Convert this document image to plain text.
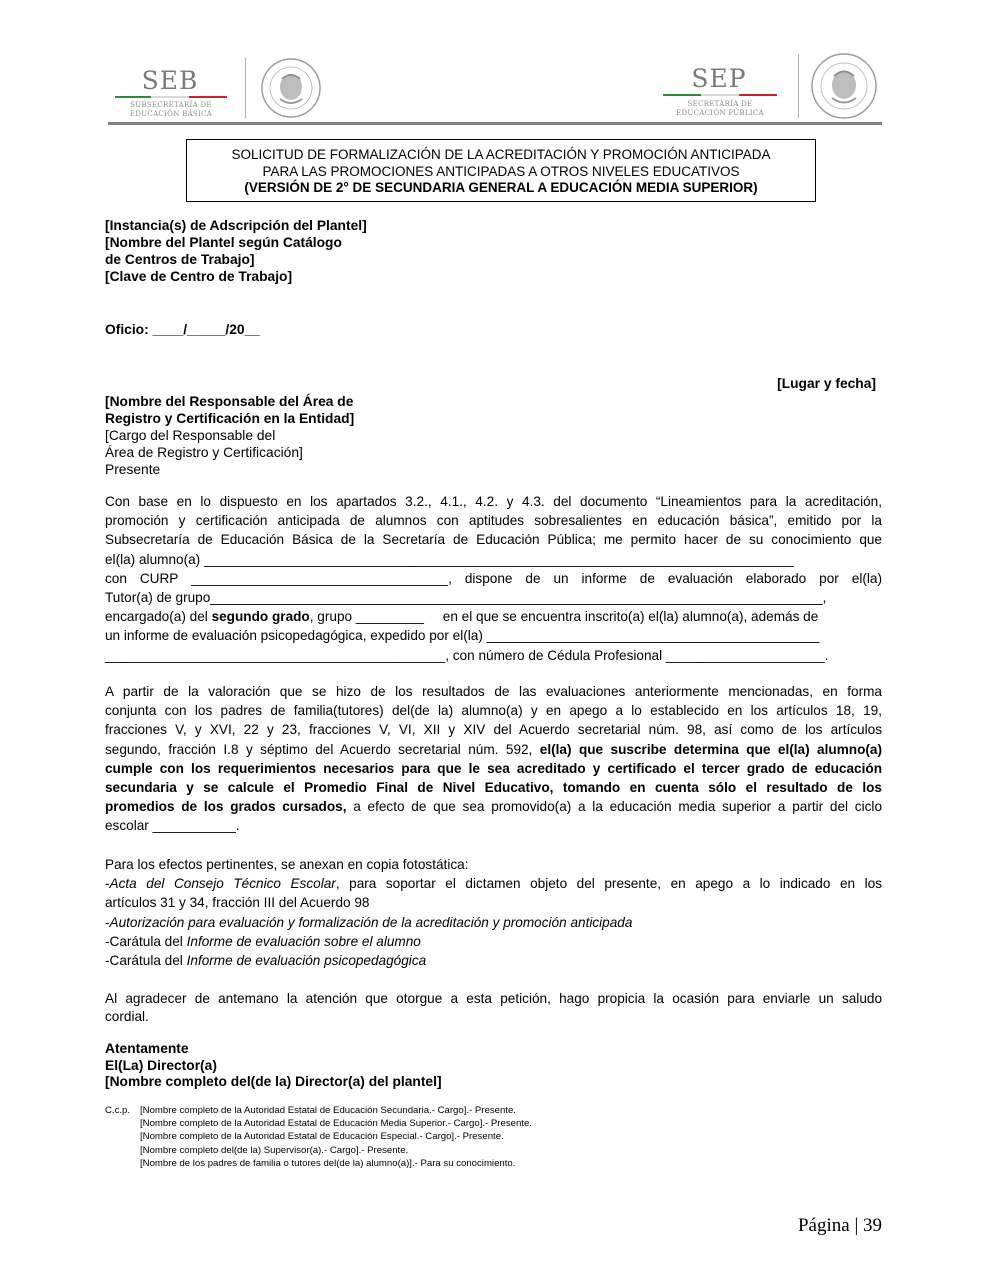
SEB
SUBSECRETARÍA DE
EDUCACIÓN BÁSICA
SEP
SECRETARÍA DE
EDUCACIÓN PÚBLICA
SOLICITUD DE FORMALIZACIÓN DE LA ACREDITACIÓN Y PROMOCIÓN ANTICIPADA
PARA LAS PROMOCIONES ANTICIPADAS A OTROS NIVELES EDUCATIVOS
(VERSIÓN DE 2° DE SECUNDARIA GENERAL A EDUCACIÓN MEDIA SUPERIOR)
[Instancia(s) de Adscripción del Plantel]
[Nombre del Plantel según Catálogo
de Centros de Trabajo]
[Clave de Centro de Trabajo]
Oficio: ____/_____/20__
[Lugar y fecha]
[Nombre del Responsable del Área de
Registro y Certificación en la Entidad]
[Cargo del Responsable del
Área de Registro y Certificación]
Presente
Con base en lo dispuesto en los apartados 3.2., 4.1., 4.2. y 4.3. del documento “Lineamientos para la acreditación,
promoción y certificación anticipada de alumnos con aptitudes sobresalientes en educación básica”, emitido por la
Subsecretaría de Educación Básica de la Secretaría de Educación Pública; me permito hacer de su conocimiento que
el(la) alumno(a) ______________________________________________________________________________
con CURP __________________________________, dispone de un informe de evaluación elaborado por el(la)
Tutor(a) de grupo_________________________________________________________________________________,
encargado(a) del segundo grado, grupo _________     en el que se encuentra inscrito(a) el(la) alumno(a), además de
un informe de evaluación psicopedagógica, expedido por el(la) ____________________________________________
_____________________________________________, con número de Cédula Profesional _____________________.
A partir de la valoración que se hizo de los resultados de las evaluaciones anteriormente mencionadas, en forma
conjunta con los padres de familia(tutores) del(de la) alumno(a) y en apego a lo establecido en los artículos 18, 19,
fracciones V, y XVI, 22 y 23, fracciones V, VI, XII y XIV del Acuerdo secretarial núm. 98, así como de los artículos
segundo, fracción I.8 y séptimo del Acuerdo secretarial núm. 592, el(la) que suscribe determina que el(la) alumno(a)
cumple con los requerimientos necesarios para que le sea acreditado y certificado el tercer grado de educación
secundaria y se calcule el Promedio Final de Nivel Educativo, tomando en cuenta sólo el resultado de los
promedios de los grados cursados, a efecto de que sea promovido(a) a la educación media superior a partir del ciclo
escolar ___________.
Para los efectos pertinentes, se anexan en copia fotostática:
-Acta del Consejo Técnico Escolar, para soportar el dictamen objeto del presente, en apego a lo indicado en los
artículos 31 y 34, fracción III del Acuerdo 98
-Autorización para evaluación y formalización de la acreditación y promoción anticipada
-Carátula del Informe de evaluación sobre el alumno
-Carátula del Informe de evaluación psicopedagógica
Al agradecer de antemano la atención que otorgue a esta petición, hago propicia la ocasión para enviarle un saludo
cordial.
Atentamente
El(La) Director(a)
[Nombre completo del(de la) Director(a) del plantel]
C.c.p. [Nombre completo de la Autoridad Estatal de Educación Secundaria.- Cargo].- Presente.
[Nombre completo de la Autoridad Estatal de Educación Media Superior.- Cargo].- Presente.
[Nombre completo de la Autoridad Estatal de Educación Especial.- Cargo].- Presente.
[Nombre completo del(de la) Supervisor(a).- Cargo].- Presente.
[Nombre de los padres de familia o tutores del(de la) alumno(a)].- Para su conocimiento.
Página | 39
